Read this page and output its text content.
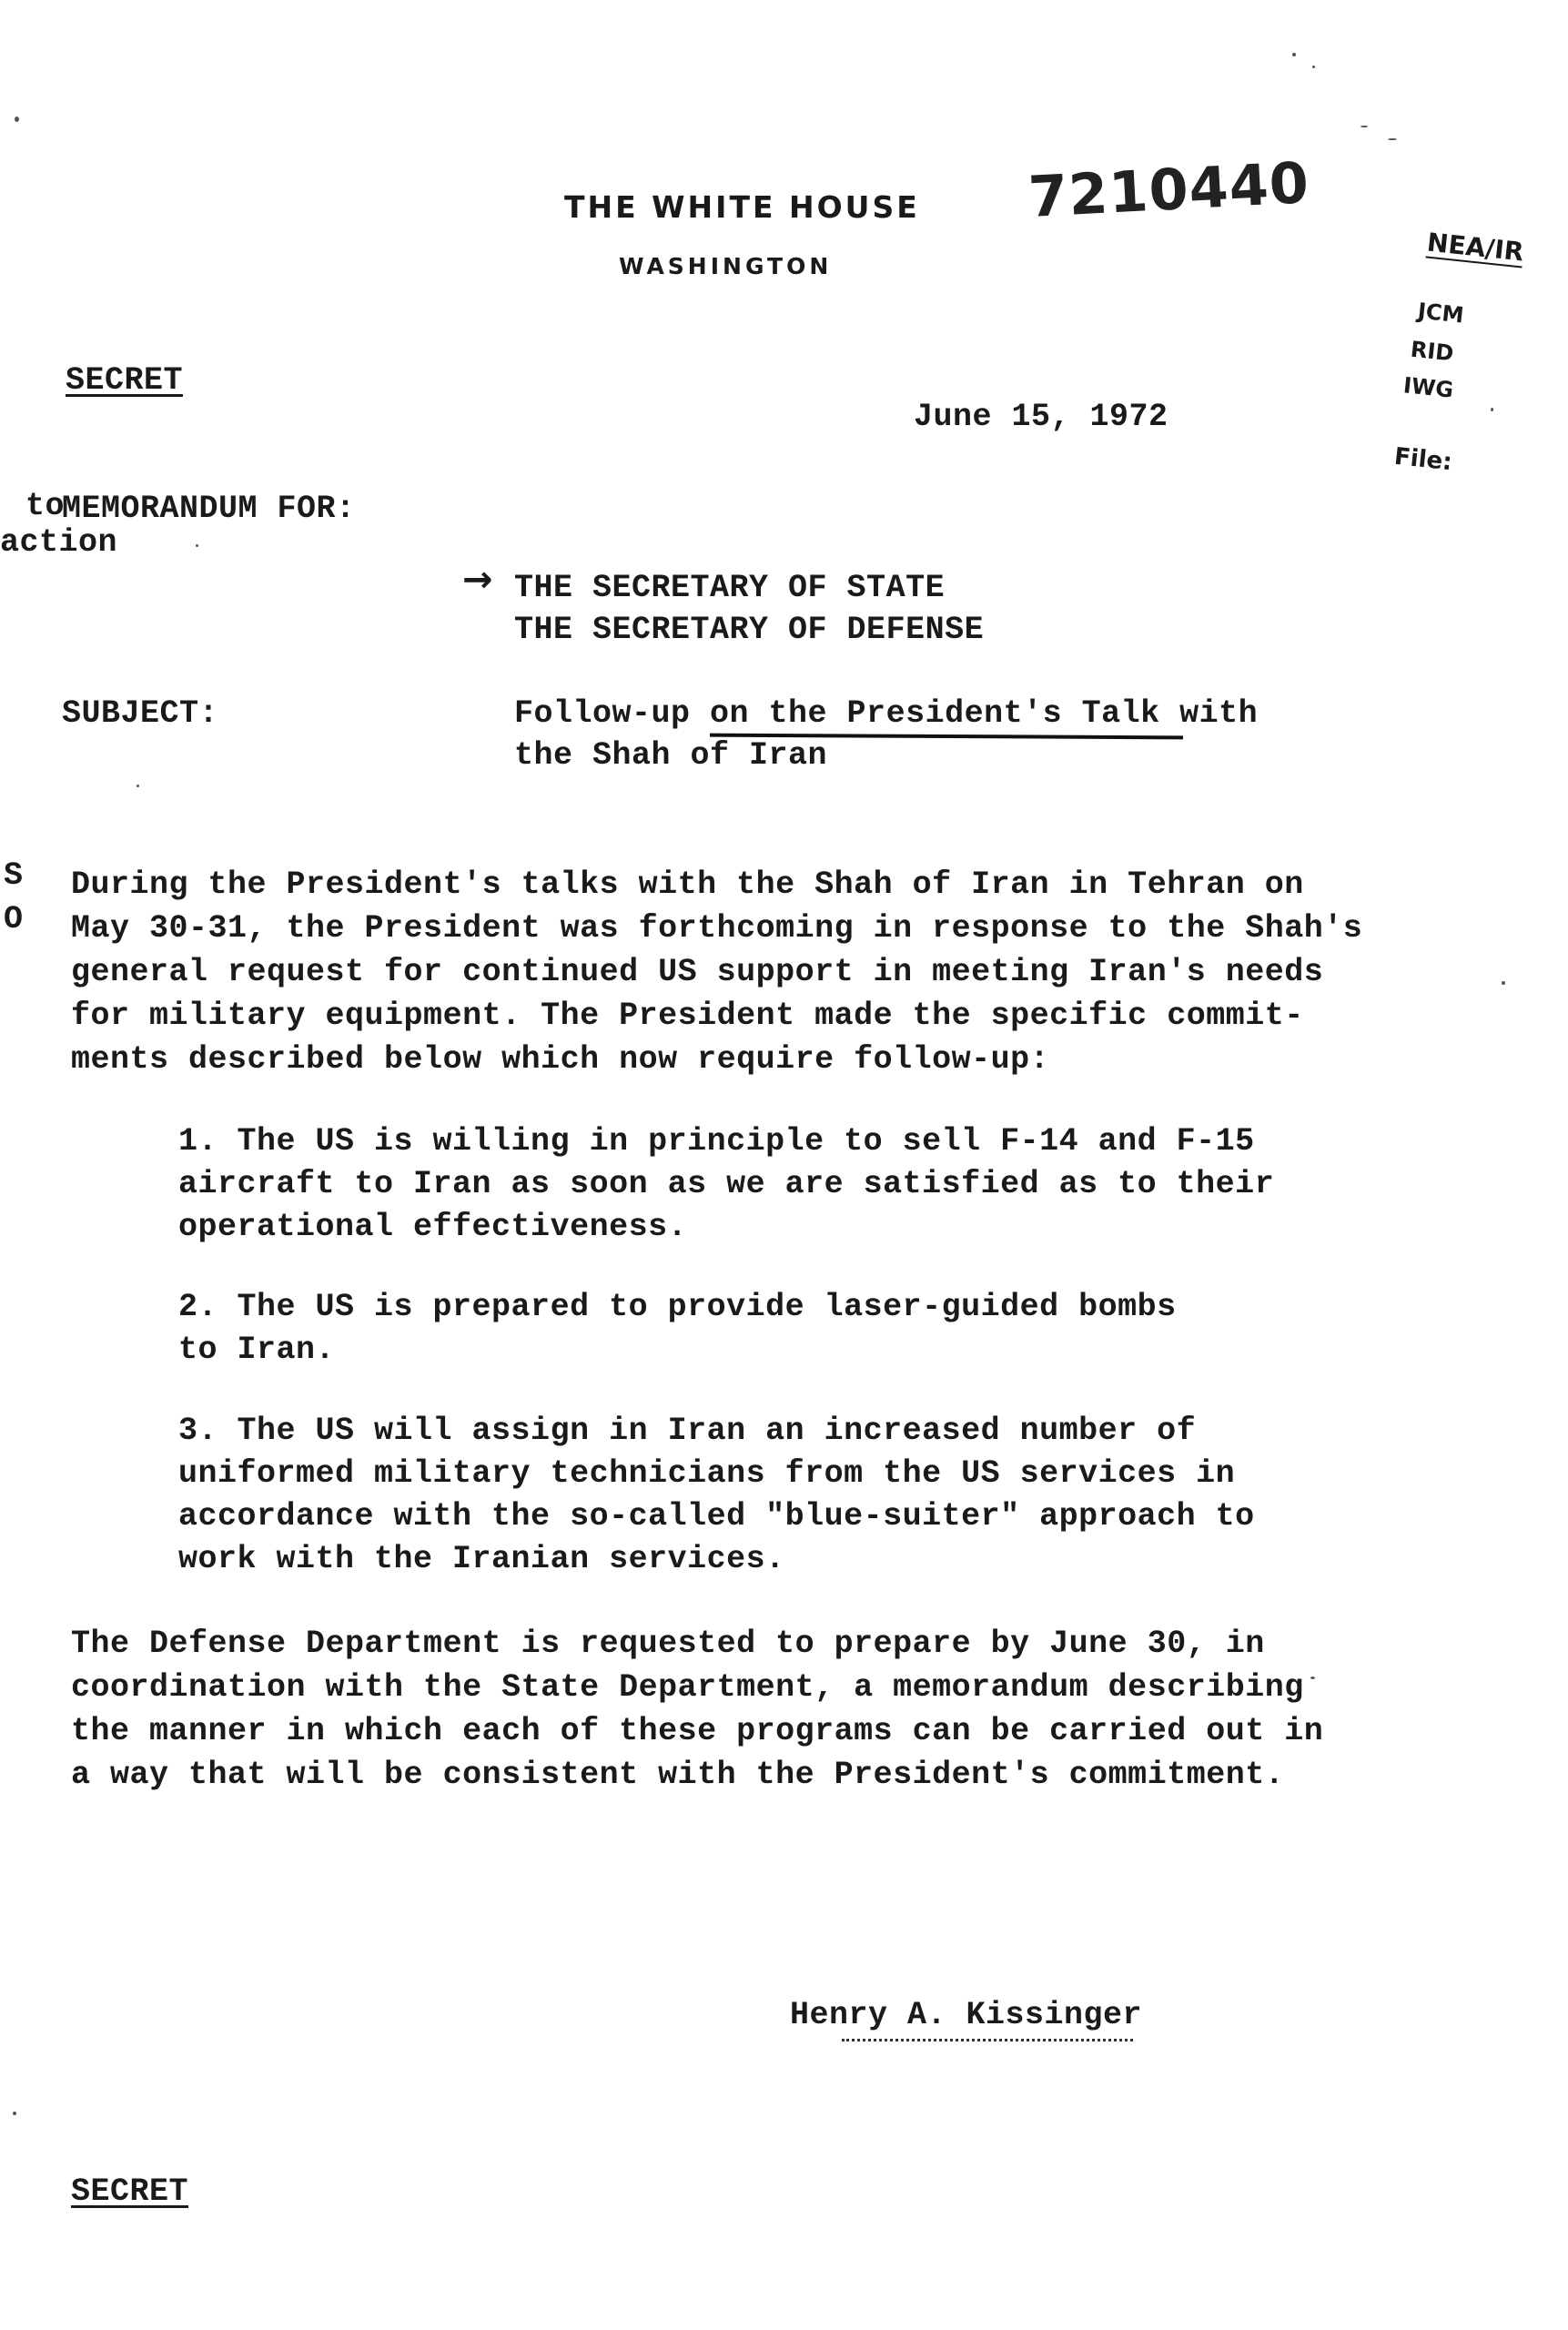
THE WHITE HOUSE
WASHINGTON
7210440
NEA/IR
JCM
RID
IWG
File:
SECRET
June 15, 1972
to
action
S
O
→
MEMORANDUM FOR:
THE SECRETARY OF STATE
THE SECRETARY OF DEFENSE
SUBJECT:	Follow-up on the President's Talk with
the Shah of Iran
During the President's talks with the Shah of Iran in Tehran on
May 30-31, the President was forthcoming in response to the Shah's
general request for continued US support in meeting Iran's needs
for military equipment. The President made the specific commit-
ments described below which now require follow-up:
1. The US is willing in principle to sell F-14 and F-15
aircraft to Iran as soon as we are satisfied as to their
operational effectiveness.
2. The US is prepared to provide laser-guided bombs
to Iran.
3. The US will assign in Iran an increased number of
uniformed military technicians from the US services in
accordance with the so-called "blue-suiter" approach to
work with the Iranian services.
The Defense Department is requested to prepare by June 30, in
coordination with the State Department, a memorandum describing
the manner in which each of these programs can be carried out in
a way that will be consistent with the President's commitment.
Henry A. Kissinger
SECRET
